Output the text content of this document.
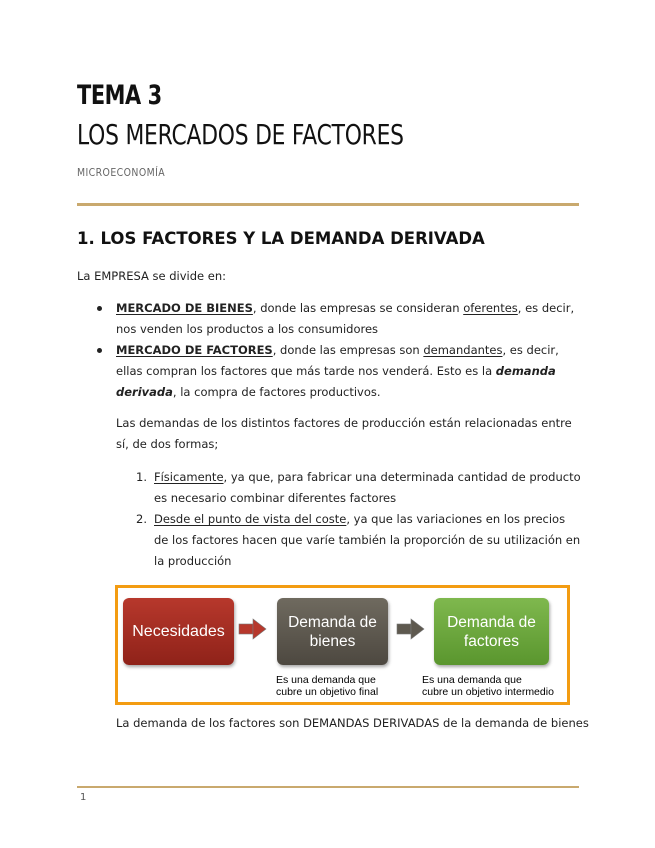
TEMA 3
LOS MERCADOS DE FACTORES
MICROECONOMÍA
1. LOS FACTORES Y LA DEMANDA DERIVADA
La EMPRESA se divide en:
MERCADO DE BIENES, donde las empresas se consideran oferentes, es decir, nos venden los productos a los consumidores
MERCADO DE FACTORES, donde las empresas son demandantes, es decir, ellas compran los factores que más tarde nos venderá. Esto es la demanda derivada, la compra de factores productivos.
Las demandas de los distintos factores de producción están relacionadas entre sí, de dos formas;
1. Físicamente, ya que, para fabricar una determinada cantidad de producto es necesario combinar diferentes factores
2. Desde el punto de vista del coste, ya que las variaciones en los precios de los factores hacen que varíe también la proporción de su utilización en la producción
Necesidades
Demanda de
bienes
Demanda de
factores
Es una demanda que
cubre un objetivo final
Es una demanda que
cubre un objetivo intermedio
La demanda de los factores son DEMANDAS DERIVADAS de la demanda de bienes
1
